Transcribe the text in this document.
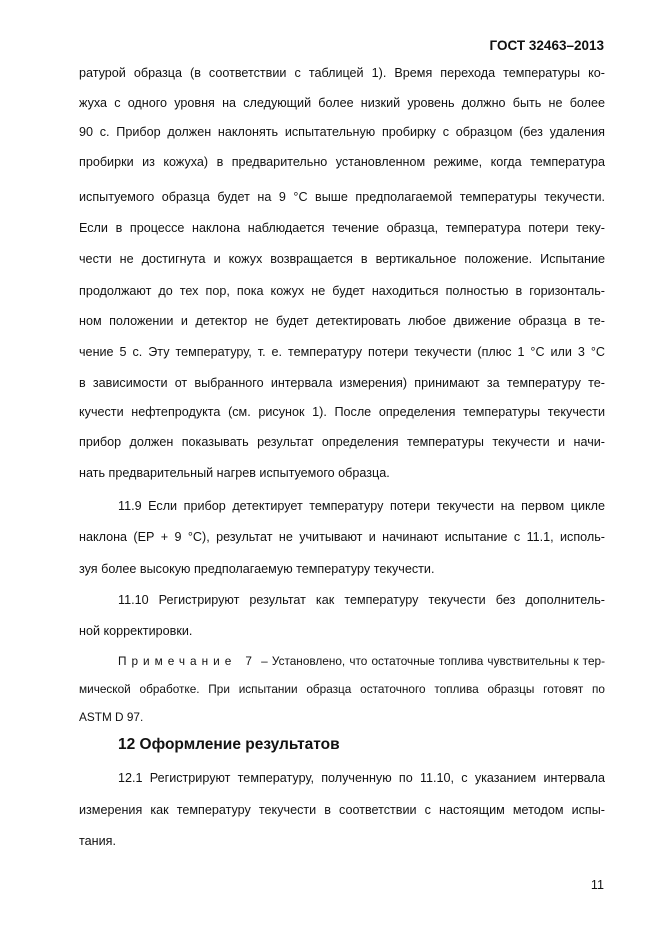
ГОСТ 32463–2013
ратурой образца (в соответствии с таблицей 1). Время перехода температуры ко-
жуха с одного уровня на следующий более низкий уровень должно быть не более
90 с. Прибор должен наклонять испытательную пробирку с образцом (без удаления
пробирки из кожуха) в предварительно установленном режиме, когда температура
испытуемого образца будет на 9 °С выше предполагаемой температуры текучести.
Если в процессе наклона наблюдается течение образца, температура потери теку-
чести не достигнута и кожух возвращается в вертикальное положение. Испытание
продолжают до тех пор, пока кожух не будет находиться полностью в горизонталь-
ном положении и детектор не будет детектировать любое движение образца в те-
чение 5 с. Эту температуру, т. е. температуру потери текучести (плюс 1 °С или 3 °С
в зависимости от выбранного интервала измерения) принимают за температуру те-
кучести нефтепродукта (см. рисунок 1). После определения температуры текучести
прибор должен показывать результат определения температуры текучести и начи-
нать предварительный нагрев испытуемого образца.
11.9 Если прибор детектирует температуру потери текучести на первом цикле
наклона (ЕР + 9 °С), результат не учитывают и начинают испытание с 11.1, исполь-
зуя более высокую предполагаемую температуру текучести.
11.10 Регистрируют результат как температуру текучести без дополнитель-
ной корректировки.
Примечание 7 – Установлено, что остаточные топлива чувствительны к тер-
мической обработке. При испытании образца остаточного топлива образцы готовят по
ASTM D 97.
12.1 Регистрируют температуру, полученную по 11.10, с указанием интервала
измерения как температуру текучести в соответствии с настоящим методом испы-
тания.
12 Оформление результатов
11
